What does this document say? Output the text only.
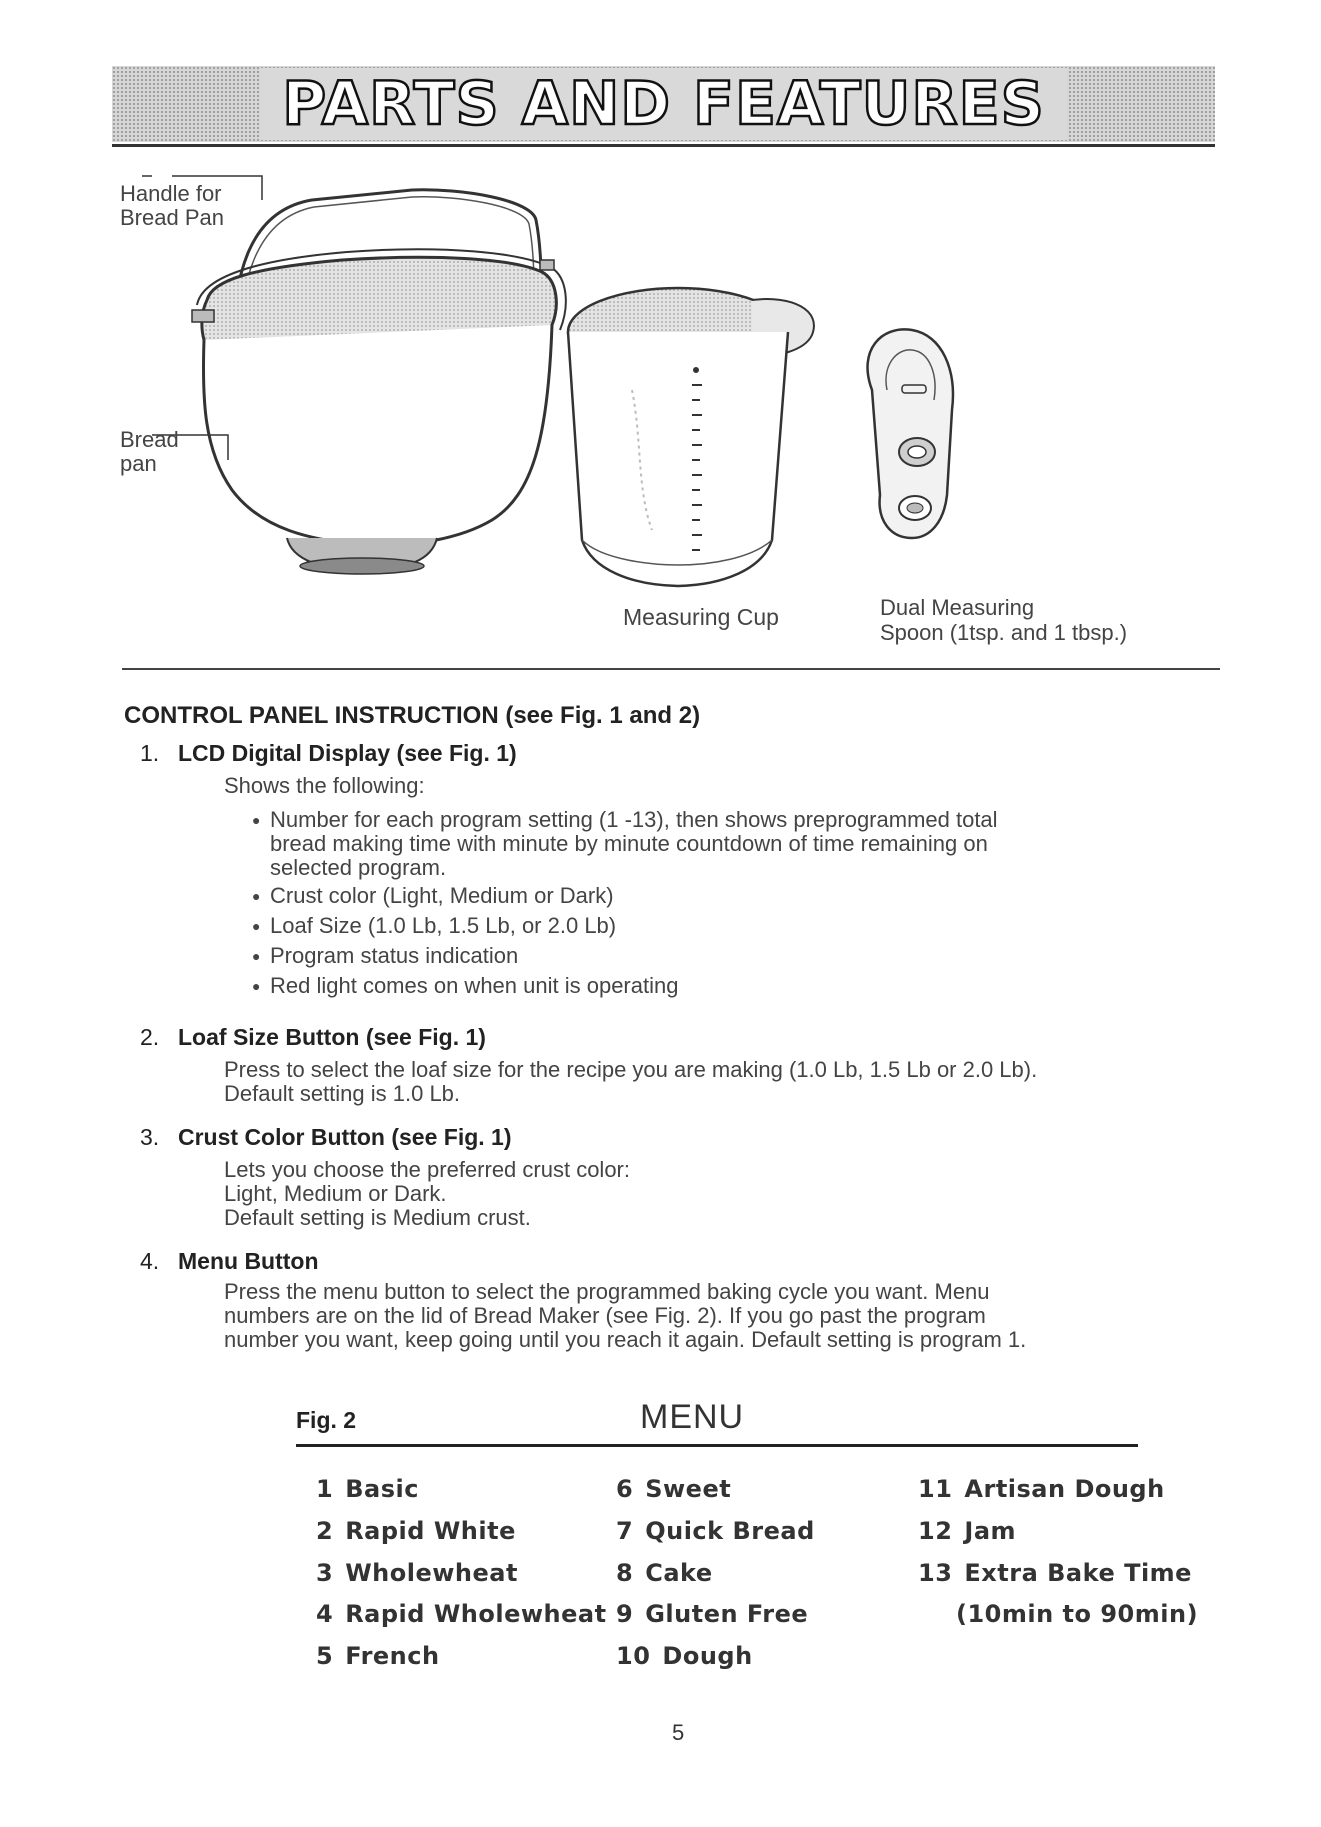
PARTS AND FEATURES
Handle for
Bread Pan
Bread
pan
Measuring Cup	Dual Measuring
Spoon (1tsp. and 1 tbsp.)
CONTROL PANEL INSTRUCTION (see Fig. 1 and 2)
1. LCD Digital Display (see Fig. 1)
Shows the following:
● Number for each program setting (1 -13), then shows preprogrammed total
bread making time with minute by minute countdown of time remaining on
selected program.
● Crust color (Light, Medium or Dark)
● Loaf Size (1.0 Lb, 1.5 Lb, or 2.0 Lb)
● Program status indication
● Red light comes on when unit is operating
2. Loaf Size Button (see Fig. 1)
Press to select the loaf size for the recipe you are making (1.0 Lb, 1.5 Lb or 2.0 Lb).
Default setting is 1.0 Lb.
3. Crust Color Button (see Fig. 1)
Lets you choose the preferred crust color:
Light, Medium or Dark.
Default setting is Medium crust.
4. Menu Button
Press the menu button to select the programmed baking cycle you want. Menu
numbers are on the lid of Bread Maker (see Fig. 2). If you go past the program
number you want, keep going until you reach it again. Default setting is program 1.
Fig. 2	MENU
1 Basic
2 Rapid White
3 Wholewheat
4 Rapid Wholewheat
5 French
6 Sweet
7 Quick Bread
8 Cake
9 Gluten Free
10 Dough
11 Artisan Dough
12 Jam
13 Extra Bake Time
(10min to 90min)
5
